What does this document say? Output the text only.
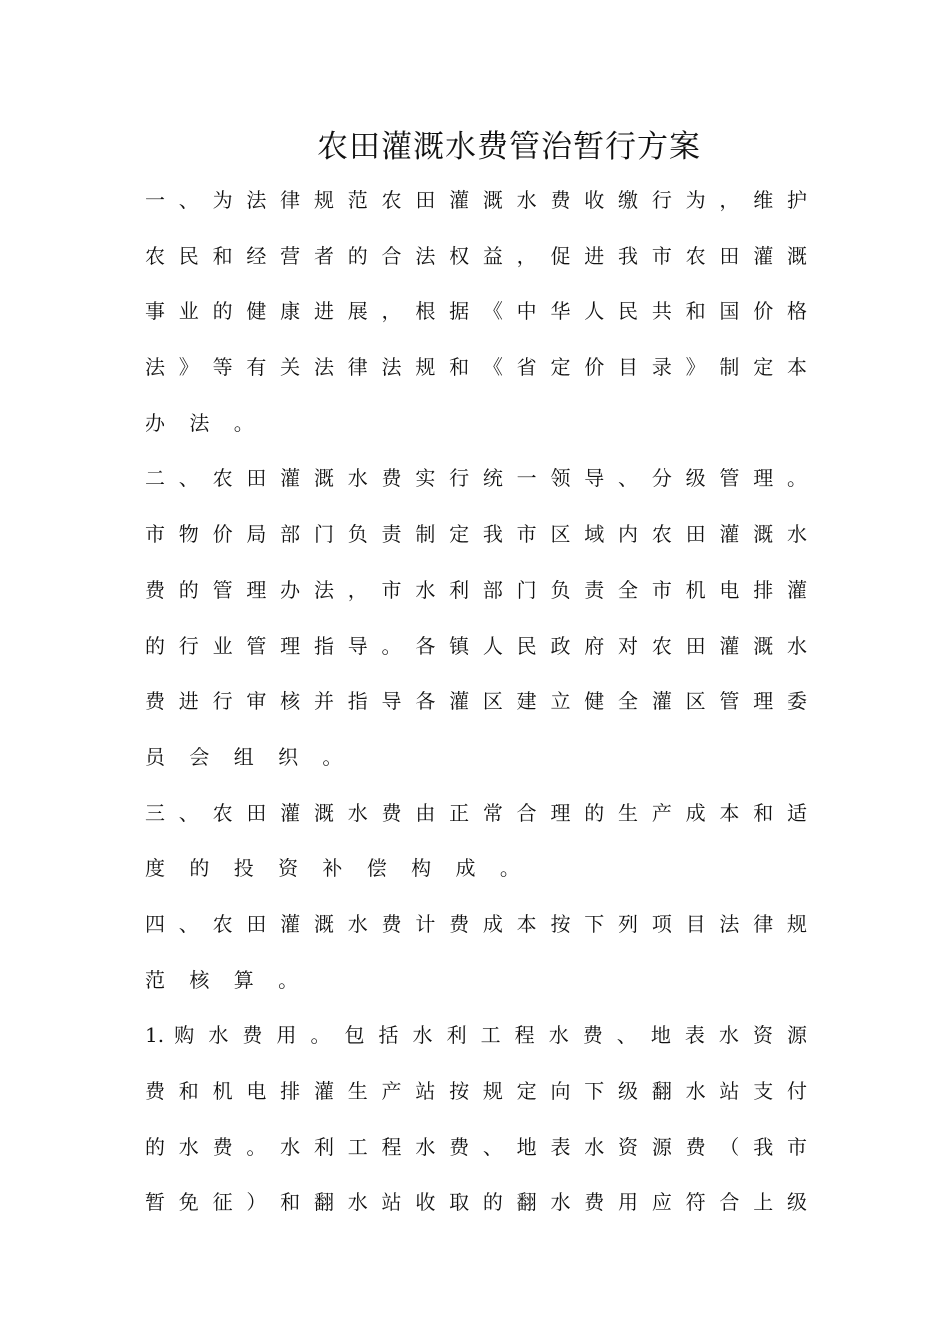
农田灌溉水费管治暂行方案
一 、 为 法 律 规 范 农 田 灌 溉 水 费 收 缴 行 为 ， 维 护
农 民 和 经 营 者 的 合 法 权 益 ， 促 进 我 市 农 田 灌 溉
事 业 的 健 康 进 展 ， 根 据 《 中 华 人 民 共 和 国 价 格
法 》 等 有 关 法 律 法 规 和 《 省 定 价 目 录 》 制 定 本
办 法 。
二 、 农 田 灌 溉 水 费 实 行 统 一 领 导 、 分 级 管 理 。
市 物 价 局 部 门 负 责 制 定 我 市 区 域 内 农 田 灌 溉 水
费 的 管 理 办 法 ， 市 水 利 部 门 负 责 全 市 机 电 排 灌
的 行 业 管 理 指 导 。 各 镇 人 民 政 府 对 农 田 灌 溉 水
费 进 行 审 核 并 指 导 各 灌 区 建 立 健 全 灌 区 管 理 委
员 会 组 织 。
三 、 农 田 灌 溉 水 费 由 正 常 合 理 的 生 产 成 本 和 适
度 的 投 资 补 偿 构 成 。
四 、 农 田 灌 溉 水 费 计 费 成 本 按 下 列 项 目 法 律 规
范 核 算 。
1. 购 水 费 用 。 包 括 水 利 工 程 水 费 、 地 表 水 资 源
费 和 机 电 排 灌 生 产 站 按 规 定 向 下 级 翻 水 站 支 付
的 水 费 。 水 利 工 程 水 费 、 地 表 水 资 源 费 （ 我 市
暂 免 征 ） 和 翻 水 站 收 取 的 翻 水 费 用 应 符 合 上 级
